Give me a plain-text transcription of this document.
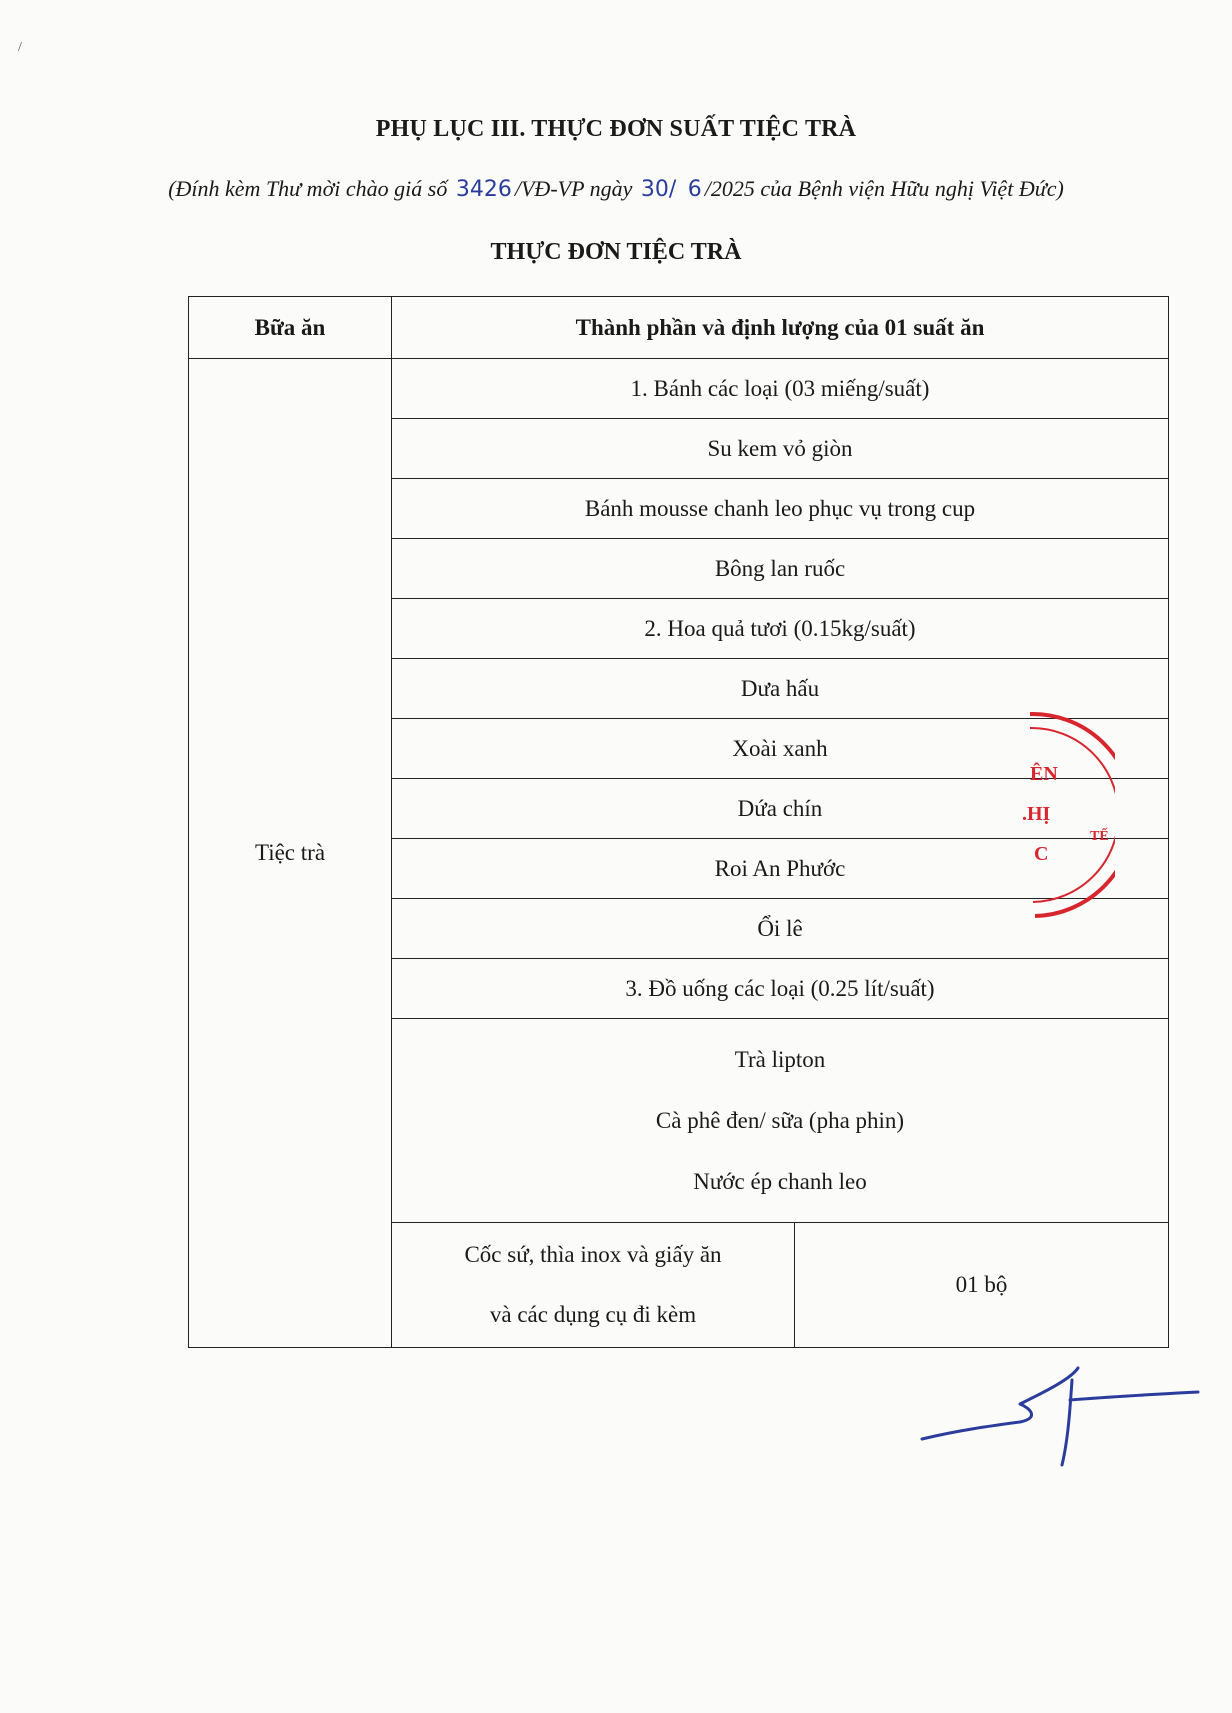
PHỤ LỤC III. THỰC ĐƠN SUẤT TIỆC TRÀ
(Đính kèm Thư mời chào giá số 3426 /VĐ-VP ngày 30/ 6 /2025 của Bệnh viện Hữu nghị Việt Đức)
THỰC ĐƠN TIỆC TRÀ
Bữa ăn	Thành phần và định lượng của 01 suất ăn	
Tiệc trà	1. Bánh các loại (03 miếng/suất)	
	Su kem vỏ giòn	
	Bánh mousse chanh leo phục vụ trong cup	
	Bông lan ruốc	
	2. Hoa quả tươi (0.15kg/suất)	
	Dưa hấu	
	Xoài xanh	
	Dứa chín	
	Roi An Phước	
	Ổi lê	
	3. Đồ uống các loại (0.25 lít/suất)	

	Trà lipton
Cà phê đen/ sữa (pha phin)
Nước ép chanh leo	

	Cốc sứ, thìa inox và giấy ăn
và các dụng cụ đi kèm	01 bộ
ÊN
.HỊ
C
TẾ
/
